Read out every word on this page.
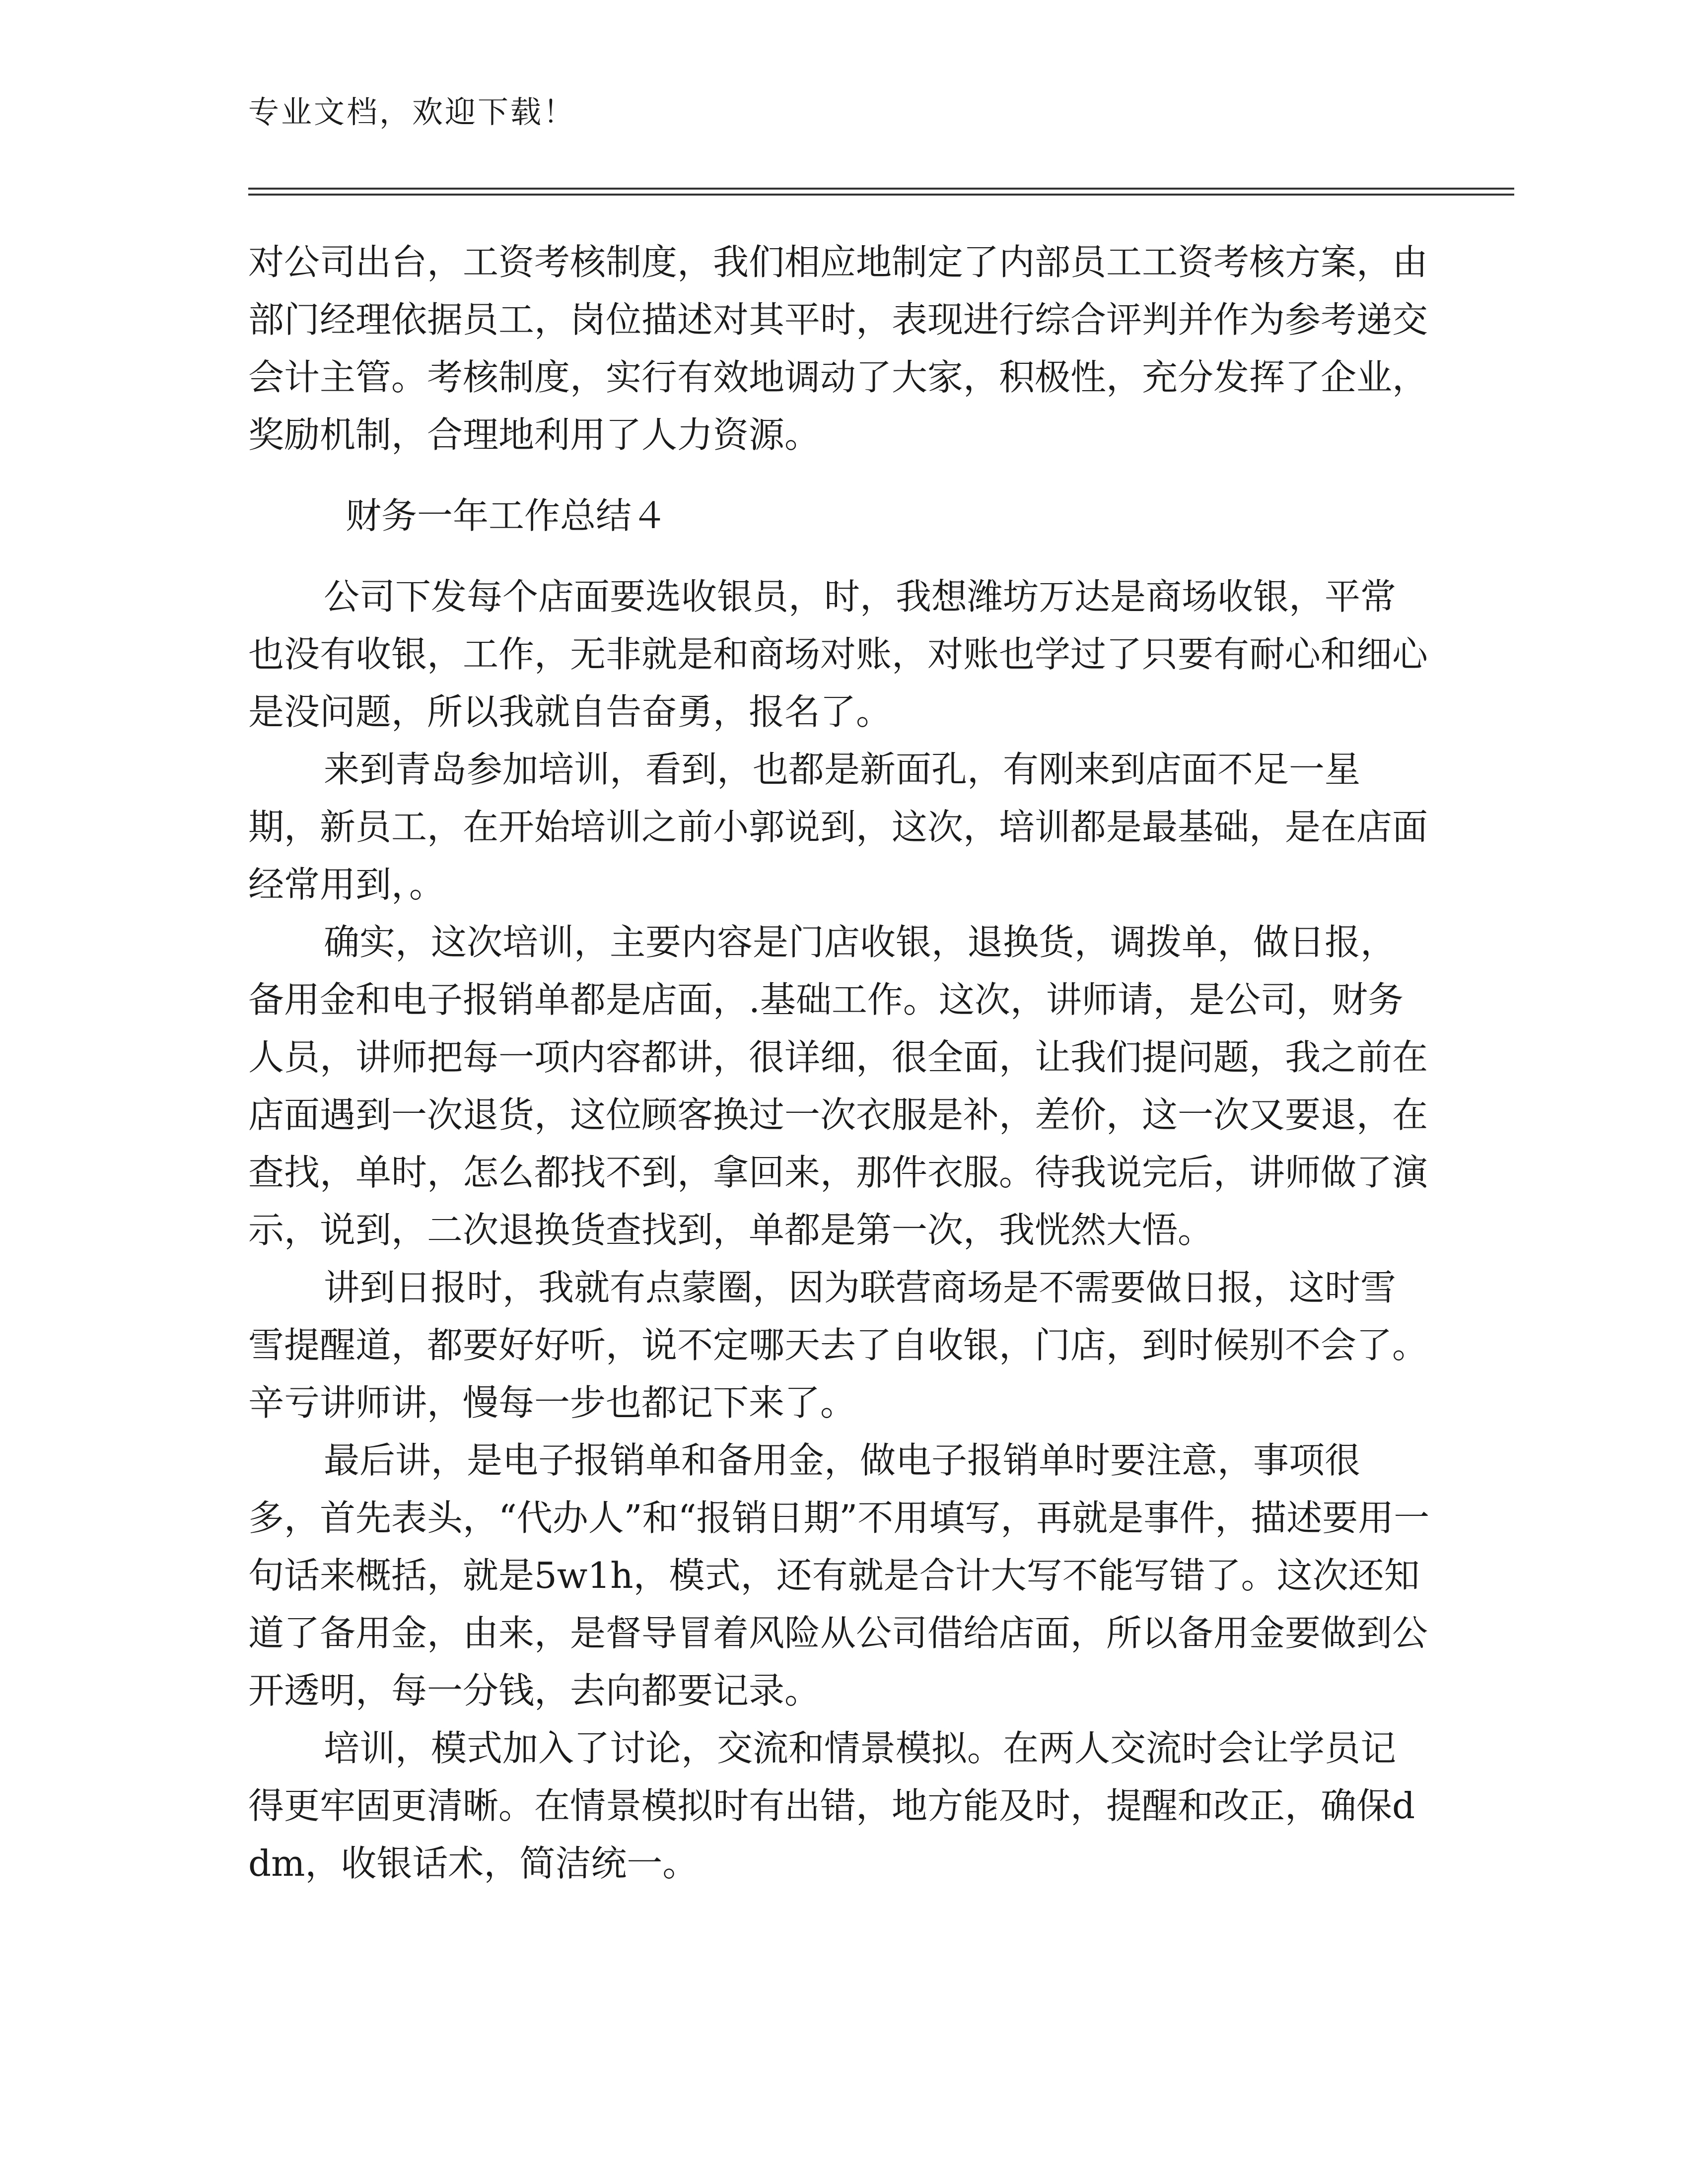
专业文档，欢迎下载！

对公司出台，工资考核制度，我们相应地制定了内部员工工资考核方案，由部门经理依据员工，岗位描述对其平时，表现进行综合评判并作为参考递交会计主管。考核制度，实行有效地调动了大家，积极性，充分发挥了企业，奖励机制，合理地利用了人力资源。

财务一年工作总结４

公司下发每个店面要选收银员，时，我想潍坊万达是商场收银，平常也没有收银，工作，无非就是和商场对账，对账也学过了只要有耐心和细心是没问题，所以我就自告奋勇，报名了。

来到青岛参加培训，看到，也都是新面孔，有刚来到店面不足一星期，新员工，在开始培训之前小郭说到，这次，培训都是最基础，是在店面经常用到，。

确实，这次培训，主要内容是门店收银，退换货，调拨单，做日报，备用金和电子报销单都是店面，.基础工作。这次，讲师请，是公司，财务人员，讲师把每一项内容都讲，很详细，很全面，让我们提问题，我之前在店面遇到一次退货，这位顾客换过一次衣服是补，差价，这一次又要退，在查找，单时，怎么都找不到，拿回来，那件衣服。待我说完后，讲师做了演示，说到，二次退换货查找到，单都是第一次，我恍然大悟。

讲到日报时，我就有点蒙圈，因为联营商场是不需要做日报，这时雪雪提醒道，都要好好听，说不定哪天去了自收银，门店，到时候别不会了。辛亏讲师讲，慢每一步也都记下来了。

最后讲，是电子报销单和备用金，做电子报销单时要注意，事项很多，首先表头，“代办人”和“报销日期”不用填写，再就是事件，描述要用一句话来概括，就是5w1h，模式，还有就是合计大写不能写错了。这次还知道了备用金，由来，是督导冒着风险从公司借给店面，所以备用金要做到公开透明，每一分钱，去向都要记录。

培训，模式加入了讨论，交流和情景模拟。在两人交流时会让学员记得更牢固更清晰。在情景模拟时有出错，地方能及时，提醒和改正，确保ddm，收银话术，简洁统一。
